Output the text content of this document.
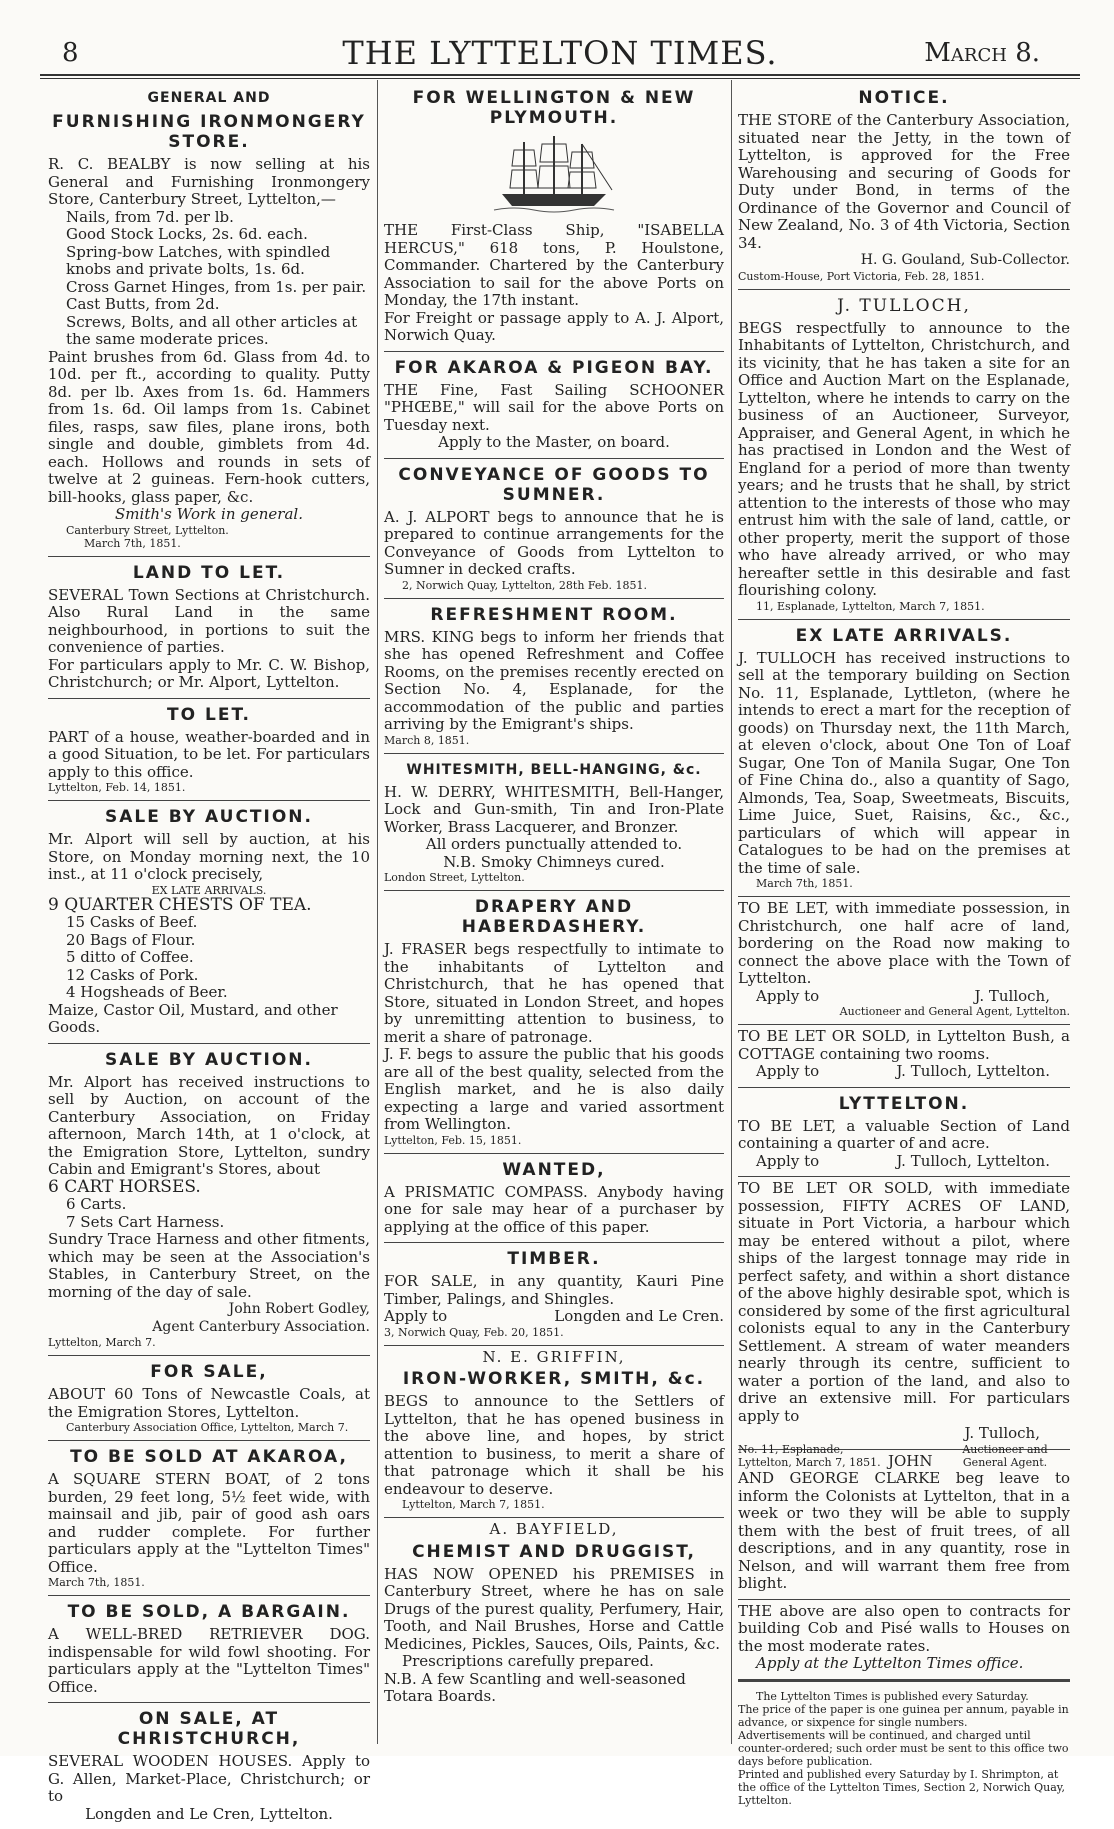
8	THE LYTTELTON TIMES.	March 8.
GENERAL AND
FURNISHING IRONMONGERY STORE.

R. C. BEALBY is now selling at his General and Furnishing Ironmongery Store, Canterbury Street, Lyttelton,—

Nails, from 7d. per lb.
Good Stock Locks, 2s. 6d. each.
Spring-bow Latches, with spindled knobs and private bolts, 1s. 6d.
Cross Garnet Hinges, from 1s. per pair.
Cast Butts, from 2d.
Screws, Bolts, and all other articles at the same moderate prices.

Paint brushes from 6d. Glass from 4d. to 10d. per ft., according to quality. Putty 8d. per lb. Axes from 1s. 6d. Hammers from 1s. 6d. Oil lamps from 1s. Cabinet files, rasps, saw files, plane irons, both single and double, gimblets from 4d. each. Hollows and rounds in sets of twelve at 2 guineas. Fern-hook cutters, bill-hooks, glass paper, &c.

Smith's Work in general.
Canterbury Street, Lyttelton.
March 7th, 1851.
LAND TO LET.

SEVERAL Town Sections at Christchurch. Also Rural Land in the same neighbourhood, in portions to suit the convenience of parties.

For particulars apply to Mr. C. W. Bishop, Christchurch; or Mr. Alport, Lyttelton.

TO LET.

PART of a house, weather-boarded and in a good Situation, to be let. For particulars apply to this office.

Lyttelton, Feb. 14, 1851.
SALE BY AUCTION.

Mr. Alport will sell by auction, at his Store, on Monday morning next, the 10 inst., at 11 o'clock precisely,

EX LATE ARRIVALS.
9 QUARTER CHESTS OF TEA.
15 Casks of Beef.
20 Bags of Flour.
5 ditto of Coffee.
12 Casks of Pork.
4 Hogsheads of Beer.
Maize, Castor Oil, Mustard, and other Goods.
SALE BY AUCTION.

Mr. Alport has received instructions to sell by Auction, on account of the Canterbury Association, on Friday afternoon, March 14th, at 1 o'clock, at the Emigration Store, Lyttelton, sundry Cabin and Emigrant's Stores, about

6 CART HORSES.
6 Carts.
7 Sets Cart Harness.

Sundry Trace Harness and other fitments, which may be seen at the Association's Stables, in Canterbury Street, on the morning of the day of sale.

John Robert Godley,
Agent Canterbury Association.
Lyttelton, March 7.
FOR SALE,

ABOUT 60 Tons of Newcastle Coals, at the Emigration Stores, Lyttelton.

Canterbury Association Office, Lyttelton, March 7.
TO BE SOLD AT AKAROA,

A SQUARE STERN BOAT, of 2 tons burden, 29 feet long, 5½ feet wide, with mainsail and jib, pair of good ash oars and rudder complete. For further particulars apply at the "Lyttelton Times" Office.

March 7th, 1851.
TO BE SOLD, A BARGAIN.

A WELL-BRED RETRIEVER DOG. indispensable for wild fowl shooting. For particulars apply at the "Lyttelton Times" Office.

ON SALE, AT CHRISTCHURCH,

SEVERAL WOODEN HOUSES. Apply to G. Allen, Market-Place, Christchurch; or to

Longden and Le Cren, Lyttelton.
FOR WELLINGTON & NEW PLYMOUTH.

THE First-Class Ship, "ISABELLA HERCUS," 618 tons, P. Houlstone, Commander. Chartered by the Canterbury Association to sail for the above Ports on Monday, the 17th instant.

For Freight or passage apply to A. J. Alport, Norwich Quay.

FOR AKAROA & PIGEON BAY.

THE Fine, Fast Sailing SCHOONER "PHŒBE," will sail for the above Ports on Tuesday next.

Apply to the Master, on board.
CONVEYANCE OF GOODS TO SUMNER.

A. J. ALPORT begs to announce that he is prepared to continue arrangements for the Conveyance of Goods from Lyttelton to Sumner in decked crafts.

2, Norwich Quay, Lyttelton, 28th Feb. 1851.
REFRESHMENT ROOM.

MRS. KING begs to inform her friends that she has opened Refreshment and Coffee Rooms, on the premises recently erected on Section No. 4, Esplanade, for the accommodation of the public and parties arriving by the Emigrant's ships.

March 8, 1851.
WHITESMITH, BELL-HANGING, &c.

H. W. DERRY, WHITESMITH, Bell-Hanger, Lock and Gun-smith, Tin and Iron-Plate Worker, Brass Lacquerer, and Bronzer.

All orders punctually attended to.
N.B. Smoky Chimneys cured.
London Street, Lyttelton.
DRAPERY AND HABERDASHERY.

J. FRASER begs respectfully to intimate to the inhabitants of Lyttelton and Christchurch, that he has opened that Store, situated in London Street, and hopes by unremitting attention to business, to merit a share of patronage.

J. F. begs to assure the public that his goods are all of the best quality, selected from the English market, and he is also daily expecting a large and varied assortment from Wellington.

Lyttelton, Feb. 15, 1851.
WANTED,

A PRISMATIC COMPASS. Anybody having one for sale may hear of a purchaser by applying at the office of this paper.

TIMBER.

FOR SALE, in any quantity, Kauri Pine Timber, Palings, and Shingles.

Apply to	Longden and Le Cren.
3, Norwich Quay, Feb. 20, 1851.
N. E. GRIFFIN,
IRON-WORKER, SMITH, &c.

BEGS to announce to the Settlers of Lyttelton, that he has opened business in the above line, and hopes, by strict attention to business, to merit a share of that patronage which it shall be his endeavour to deserve.

Lyttelton, March 7, 1851.
A. BAYFIELD,
CHEMIST AND DRUGGIST,

HAS NOW OPENED his PREMISES in Canterbury Street, where he has on sale Drugs of the purest quality, Perfumery, Hair, Tooth, and Nail Brushes, Horse and Cattle Medicines, Pickles, Sauces, Oils, Paints, &c.

Prescriptions carefully prepared.
N.B. A few Scantling and well-seasoned Totara Boards.
NOTICE.

THE STORE of the Canterbury Association, situated near the Jetty, in the town of Lyttelton, is approved for the Free Warehousing and securing of Goods for Duty under Bond, in terms of the Ordinance of the Governor and Council of New Zealand, No. 3 of 4th Victoria, Section 34.

H. G. Gouland, Sub-Collector.
Custom-House, Port Victoria, Feb. 28, 1851.
J. TULLOCH,

BEGS respectfully to announce to the Inhabitants of Lyttelton, Christchurch, and its vicinity, that he has taken a site for an Office and Auction Mart on the Esplanade, Lyttelton, where he intends to carry on the business of an Auctioneer, Surveyor, Appraiser, and General Agent, in which he has practised in London and the West of England for a period of more than twenty years; and he trusts that he shall, by strict attention to the interests of those who may entrust him with the sale of land, cattle, or other property, merit the support of those who have already arrived, or who may hereafter settle in this desirable and fast flourishing colony.

11, Esplanade, Lyttelton, March 7, 1851.
EX LATE ARRIVALS.

J. TULLOCH has received instructions to sell at the temporary building on Section No. 11, Esplanade, Lyttleton, (where he intends to erect a mart for the reception of goods) on Thursday next, the 11th March, at eleven o'clock, about One Ton of Loaf Sugar, One Ton of Manila Sugar, One Ton of Fine China do., also a quantity of Sago, Almonds, Tea, Soap, Sweetmeats, Biscuits, Lime Juice, Suet, Raisins, &c., &c., particulars of which will appear in Catalogues to be had on the premises at the time of sale.

March 7th, 1851.

TO BE LET, with immediate possession, in Christchurch, one half acre of land, bordering on the Road now making to connect the above place with the Town of Lyttelton.

Apply to	J. Tulloch,
Auctioneer and General Agent, Lyttelton.

TO BE LET OR SOLD, in Lyttelton Bush, a COTTAGE containing two rooms.

Apply to	J. Tulloch, Lyttelton.
LYTTELTON.

TO BE LET, a valuable Section of Land containing a quarter of and acre.

Apply to	J. Tulloch, Lyttelton.

TO BE LET OR SOLD, with immediate possession, FIFTY ACRES OF LAND, situate in Port Victoria, a harbour which may be entered without a pilot, where ships of the largest tonnage may ride in perfect safety, and within a short distance of the above highly desirable spot, which is considered by some of the first agricultural colonists equal to any in the Canterbury Settlement. A stream of water meanders nearly through its centre, sufficient to water a portion of the land, and also to drive an extensive mill. For particulars apply to

J. Tulloch,
No. 11, Esplanade, Lyttelton, March 7, 1851.
Auctioneer and General Agent.

JOHN AND GEORGE CLARKE beg leave to inform the Colonists at Lyttelton, that in a week or two they will be able to supply them with the best of fruit trees, of all descriptions, and in any quantity, rose in Nelson, and will warrant them free from blight.

THE above are also open to contracts for building Cob and Pisé walls to Houses on the most moderate rates.

Apply at the Lyttelton Times office.
The Lyttelton Times is published every Saturday.
The price of the paper is one guinea per annum, payable in advance, or sixpence for single numbers.
Advertisements will be continued, and charged until counter-ordered; such order must be sent to this office two days before publication.
Printed and published every Saturday by I. Shrimpton, at the office of the Lyttelton Times, Section 2, Norwich Quay, Lyttelton.
